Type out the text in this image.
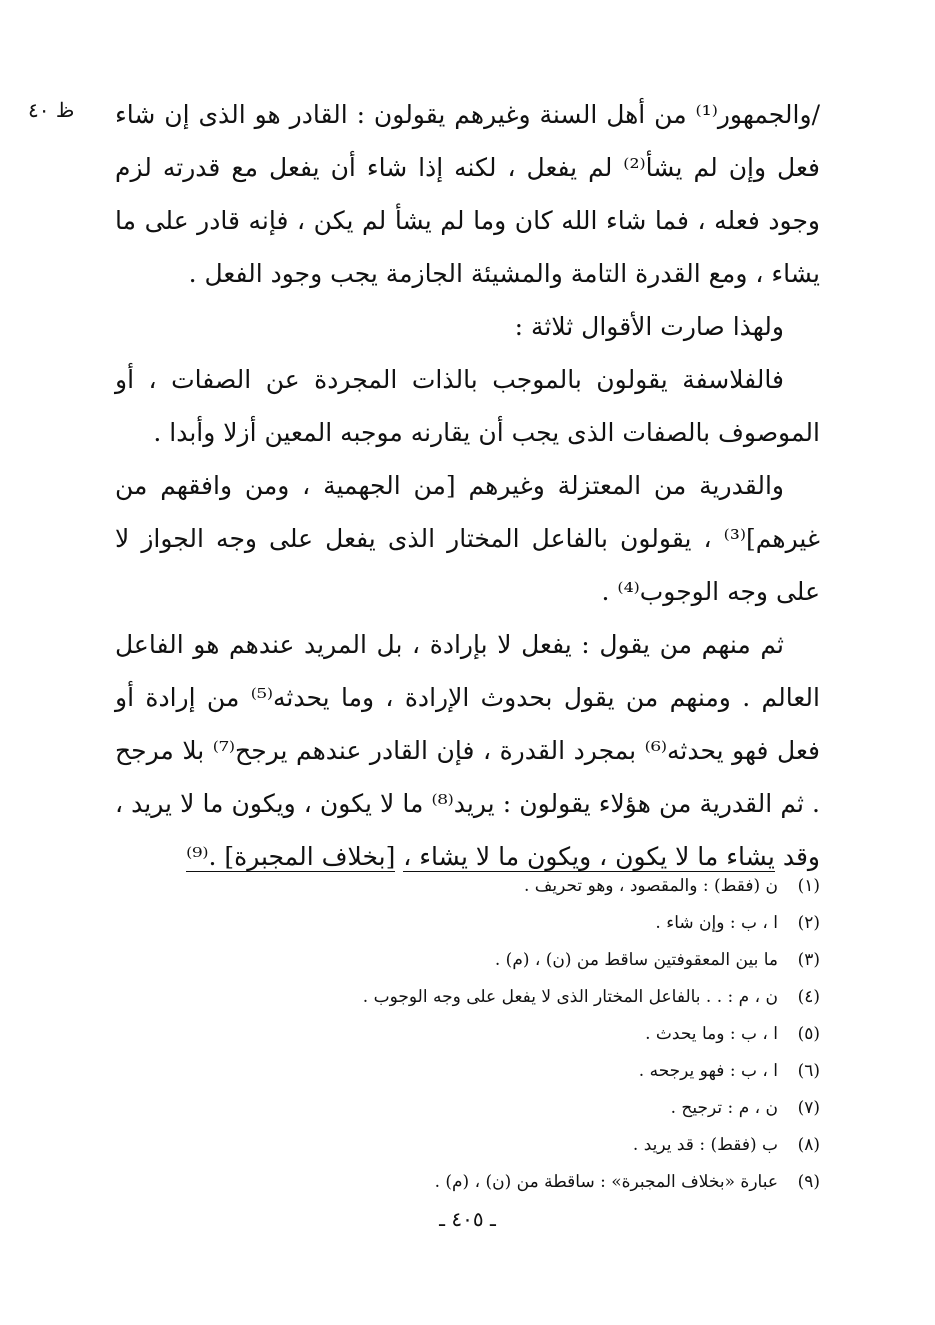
ظ ٤٠	/والجمهور⁽¹⁾ من أهل السنة وغيرهم يقولون : القادر هو الذى إن شاء فعل وإن لم يشأ⁽²⁾ لم يفعل ، لكنه إذا شاء أن يفعل مع قدرته لزم وجود فعله ، فما شاء الله كان وما لم يشأ لم يكن ، فإنه قادر على ما يشاء ، ومع القدرة التامة والمشيئة الجازمة يجب وجود الفعل .

ولهذا صارت الأقوال ثلاثة :

فالفلاسفة يقولون بالموجب بالذات المجردة عن الصفات ، أو الموصوف بالصفات الذى يجب أن يقارنه موجبه المعين أزلا وأبدا .

والقدرية من المعتزلة وغيرهم [من الجهمية ، ومن وافقهم من غيرهم]⁽³⁾ ، يقولون بالفاعل المختار الذى يفعل على وجه الجواز لا على وجه الوجوب⁽⁴⁾ .

ثم منهم من يقول : يفعل لا بإرادة ، بل المريد عندهم هو الفاعل العالم . ومنهم من يقول بحدوث الإرادة ، وما يحدثه⁽⁵⁾ من إرادة أو فعل فهو يحدثه⁽⁶⁾ بمجرد القدرة ، فإن القادر عندهم يرجح⁽⁷⁾ بلا مرجح . ثم القدرية من هؤلاء يقولون : يريد⁽⁸⁾ ما لا يكون ، ويكون ما لا يريد ، وقد يشاء ما لا يكون ، ويكون ما لا يشاء ، [بخلاف المجبرة] .⁽⁹⁾

(١)
ن (فقط) : والمقصود ، وهو تحريف .
(٢)
ا ، ب : وإن شاء .
(٣)
ما بين المعقوفتين ساقط من (ن) ، (م) .
(٤)
ن ، م : . . بالفاعل المختار الذى لا يفعل على وجه الوجوب .
(٥)
ا ، ب : وما يحدث .
(٦)
ا ، ب : فهو يرجحه .
(٧)
ن ، م : ترجيح .
(٨)
ب (فقط) : قد يريد .
(٩)
عبارة «بخلاف المجبرة» : ساقطة من (ن) ، (م) .
ـ ٤٠٥ ـ
